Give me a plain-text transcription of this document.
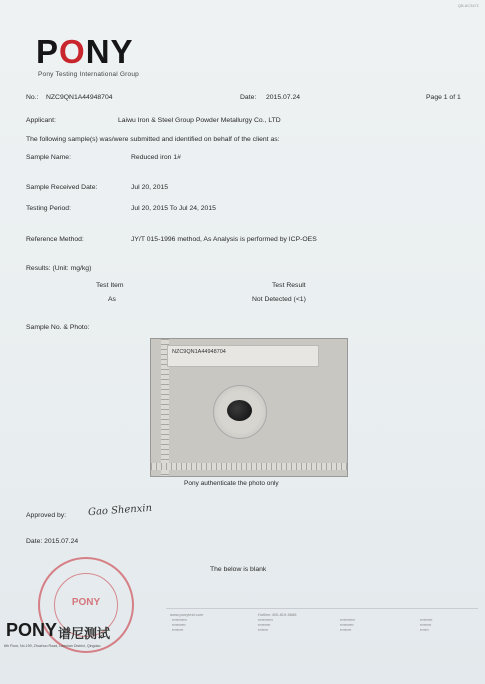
QB-6C3471
PONY
Pony Testing International Group
No.: NZC9QN1A44948704	Date: 2015.07.24	Page 1 of 1
Applicant:	Laiwu Iron & Steel Group Powder Metallurgy Co., LTD
The following sample(s) was/were submitted and identified on behalf of the client as:
Sample Name:	Reduced iron 1#
Sample Received Date:	Jul 20, 2015
Testing Period:	Jul 20, 2015 To Jul 24, 2015
Reference Method:	JY/T 015-1996 method, As Analysis is performed by ICP-OES
Results: (Unit: mg/kg)
Test Item	Test Result
As	Not Detected (<1)
Sample No. & Photo:
NZC9QN1A44948704
Pony authenticate the photo only
Approved by: Gao Shenxin
Date: 2015.07.24
The below is blank
PONY
www.ponytest.com	Hotline 400-819-5688
▪▪▪▪▪▪▪▪▪▪▪▪
▪▪▪▪▪▪▪▪▪▪▪
▪▪▪▪▪▪▪▪▪
▪▪▪▪▪▪▪▪▪▪▪▪
▪▪▪▪▪▪▪▪▪▪
▪▪▪▪▪▪▪▪
▪▪▪▪▪▪▪▪▪▪▪▪
▪▪▪▪▪▪▪▪▪▪▪
▪▪▪▪▪▪▪▪▪
▪▪▪▪▪▪▪▪▪▪
▪▪▪▪▪▪▪▪▪
▪▪▪▪▪▪▪
PONY 谱尼测试
6th Floor, No.199, Zhuzhou Road, Laoshan District, Qingdao
